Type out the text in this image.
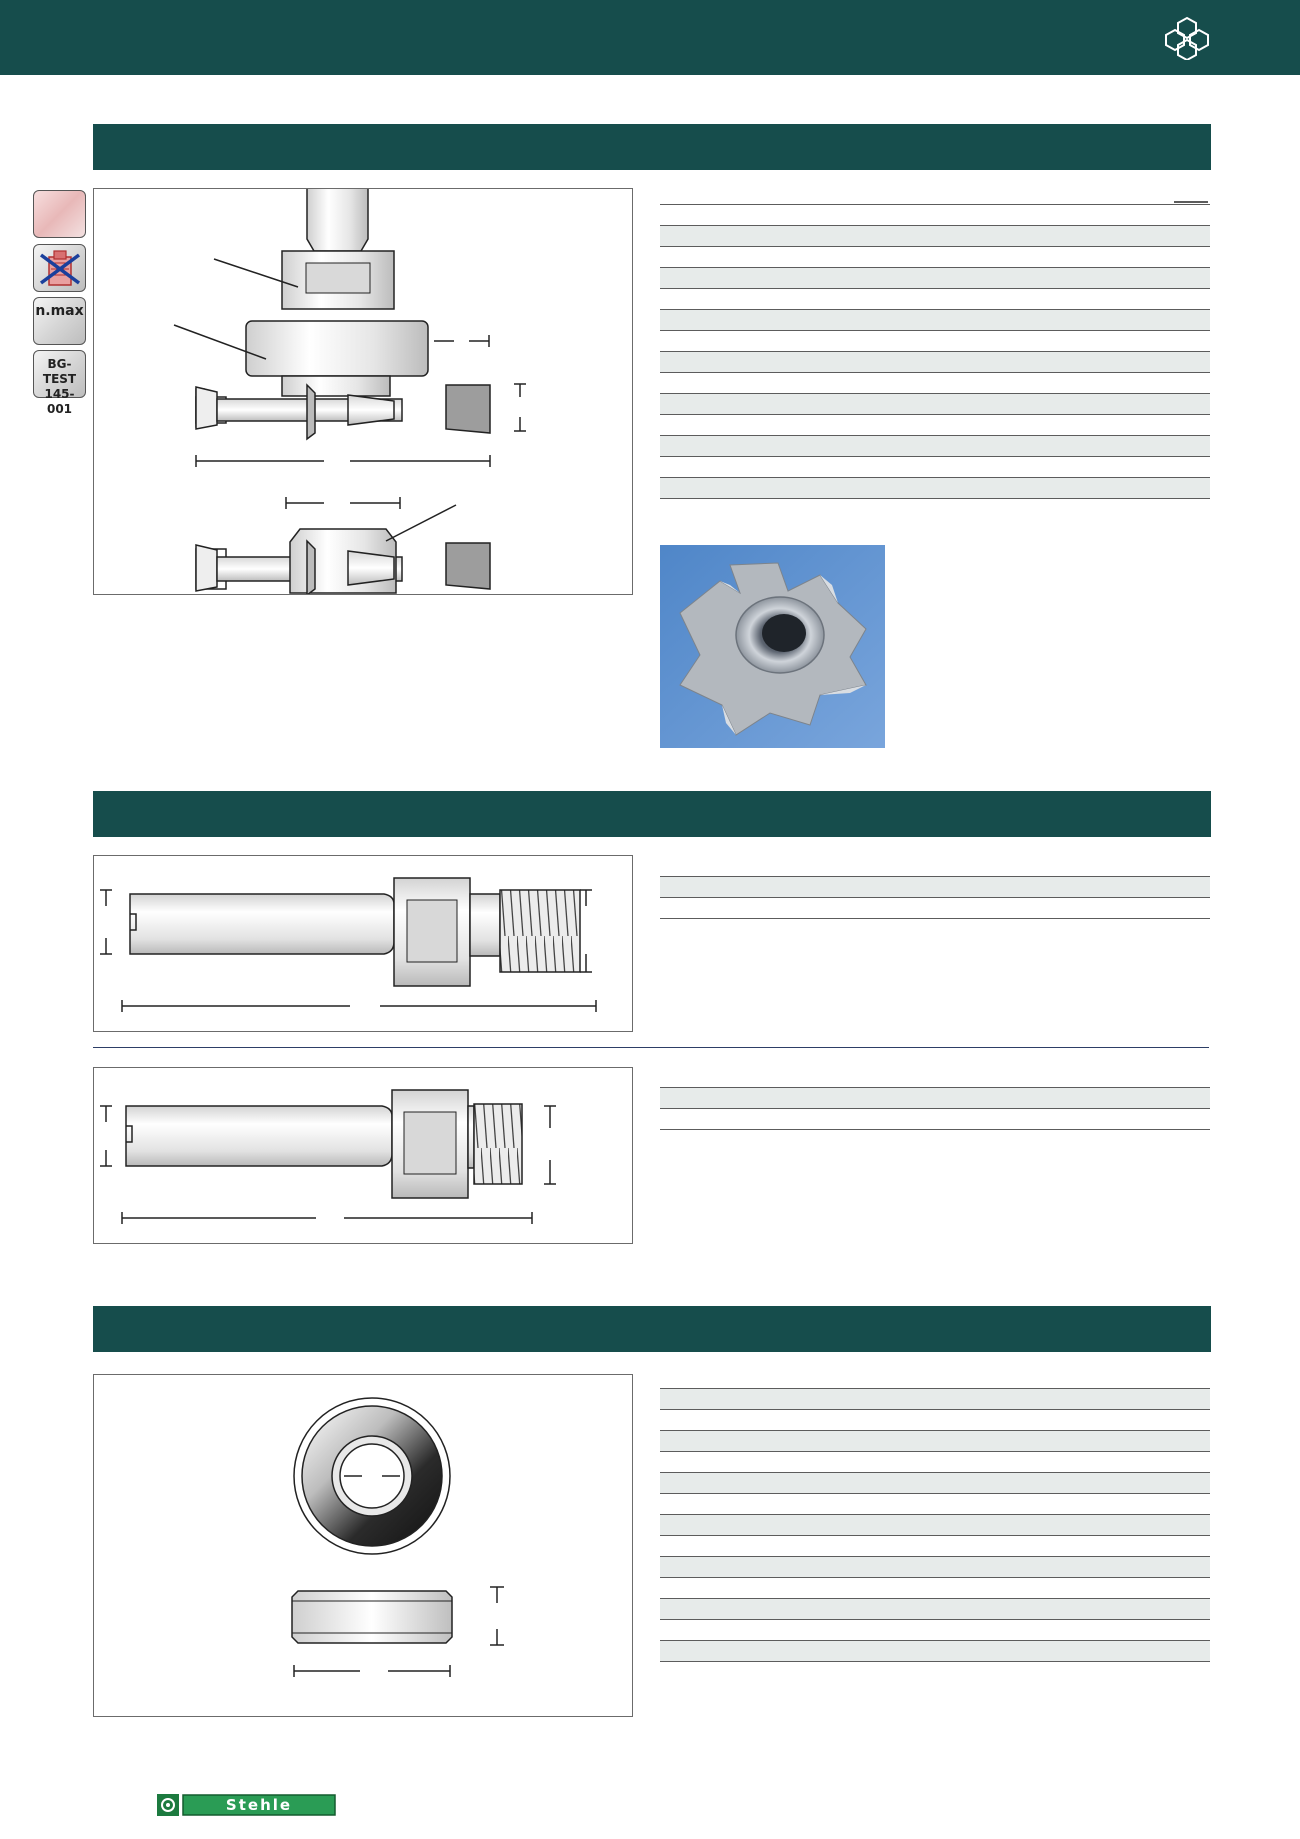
n.max
BG-TEST
145-001
Stehle
